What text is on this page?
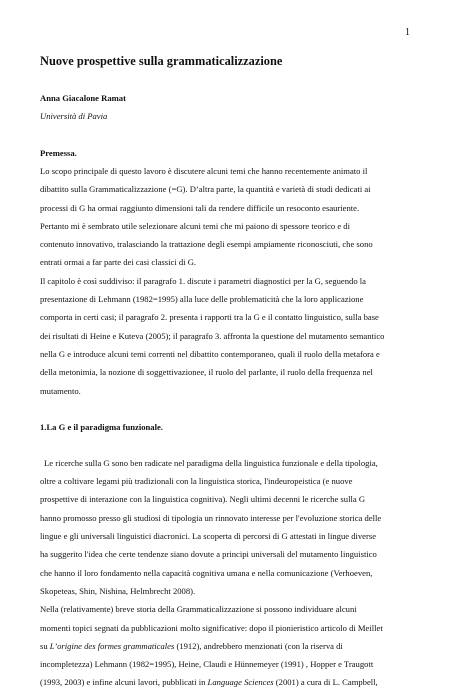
1
Nuove prospettive sulla grammaticalizzazione
Anna Giacalone Ramat
Università di Pavia
Premessa.

Lo scopo principale di questo lavoro è discutere alcuni temi che hanno recentemente animato il
dibattito sulla Grammaticalizzazione (=G). D’altra parte, la quantità e varietà di studi dedicati ai
processi di G ha ormai raggiunto dimensioni tali da rendere difficile un resoconto esauriente.
Pertanto mi è sembrato utile selezionare alcuni temi che mi paiono di spessore teorico e di
contenuto innovativo, tralasciando la trattazione degli esempi ampiamente riconosciuti, che sono
entrati ormai a far parte dei casi classici di G.

Il capitolo è così suddiviso: il paragrafo 1. discute i parametri diagnostici per la G, seguendo la
presentazione di Lehmann (1982=1995) alla luce delle problematicità che la loro applicazione
comporta in certi casi; il paragrafo 2. presenta i rapporti tra la G e il contatto linguistico, sulla base
dei risultati di Heine e Kuteva (2005); il paragrafo 3. affronta la questione del mutamento semantico
nella G e introduce alcuni temi correnti nel dibattito contemporaneo, quali il ruolo della metafora e
della metonimia, la nozione di soggettivazionee, il ruolo del parlante, il ruolo della frequenza nel
mutamento.

1.La G e il paradigma funzionale.

Le ricerche sulla G sono ben radicate nel paradigma della linguistica funzionale e della tipologia,
oltre a coltivare legami più tradizionali con la linguistica storica, l'indeuropeistica (e nuove
prospettive di interazione con la linguistica cognitiva). Negli ultimi decenni le ricerche sulla G
hanno promosso presso gli studiosi di tipologia un rinnovato interesse per l'evoluzione storica delle
lingue e gli universali linguistici diacronici. La scoperta di percorsi di G attestati in lingue diverse
ha suggerito l'idea che certe tendenze siano dovute a principi universali del mutamento linguistico
che hanno il loro fondamento nella capacità cognitiva umana e nella comunicazione (Verhoeven,
Skopeteas, Shin, Nishina, Helmbrecht 2008).

Nella (relativamente) breve storia della Grammaticalizzazione si possono individuare alcuni
momenti topici segnati da pubblicazioni molto significative: dopo il pionieristico articolo di Meillet
su L’origine des formes grammaticales (1912), andrebbero menzionati (con la riserva di
incompletezza) Lehmann (1982=1995), Heine, Claudi e Hünnemeyer (1991) , Hopper e Traugott
(1993, 2003) e infine alcuni lavori, pubblicati in Language Sciences (2001) a cura di L. Campbell,
